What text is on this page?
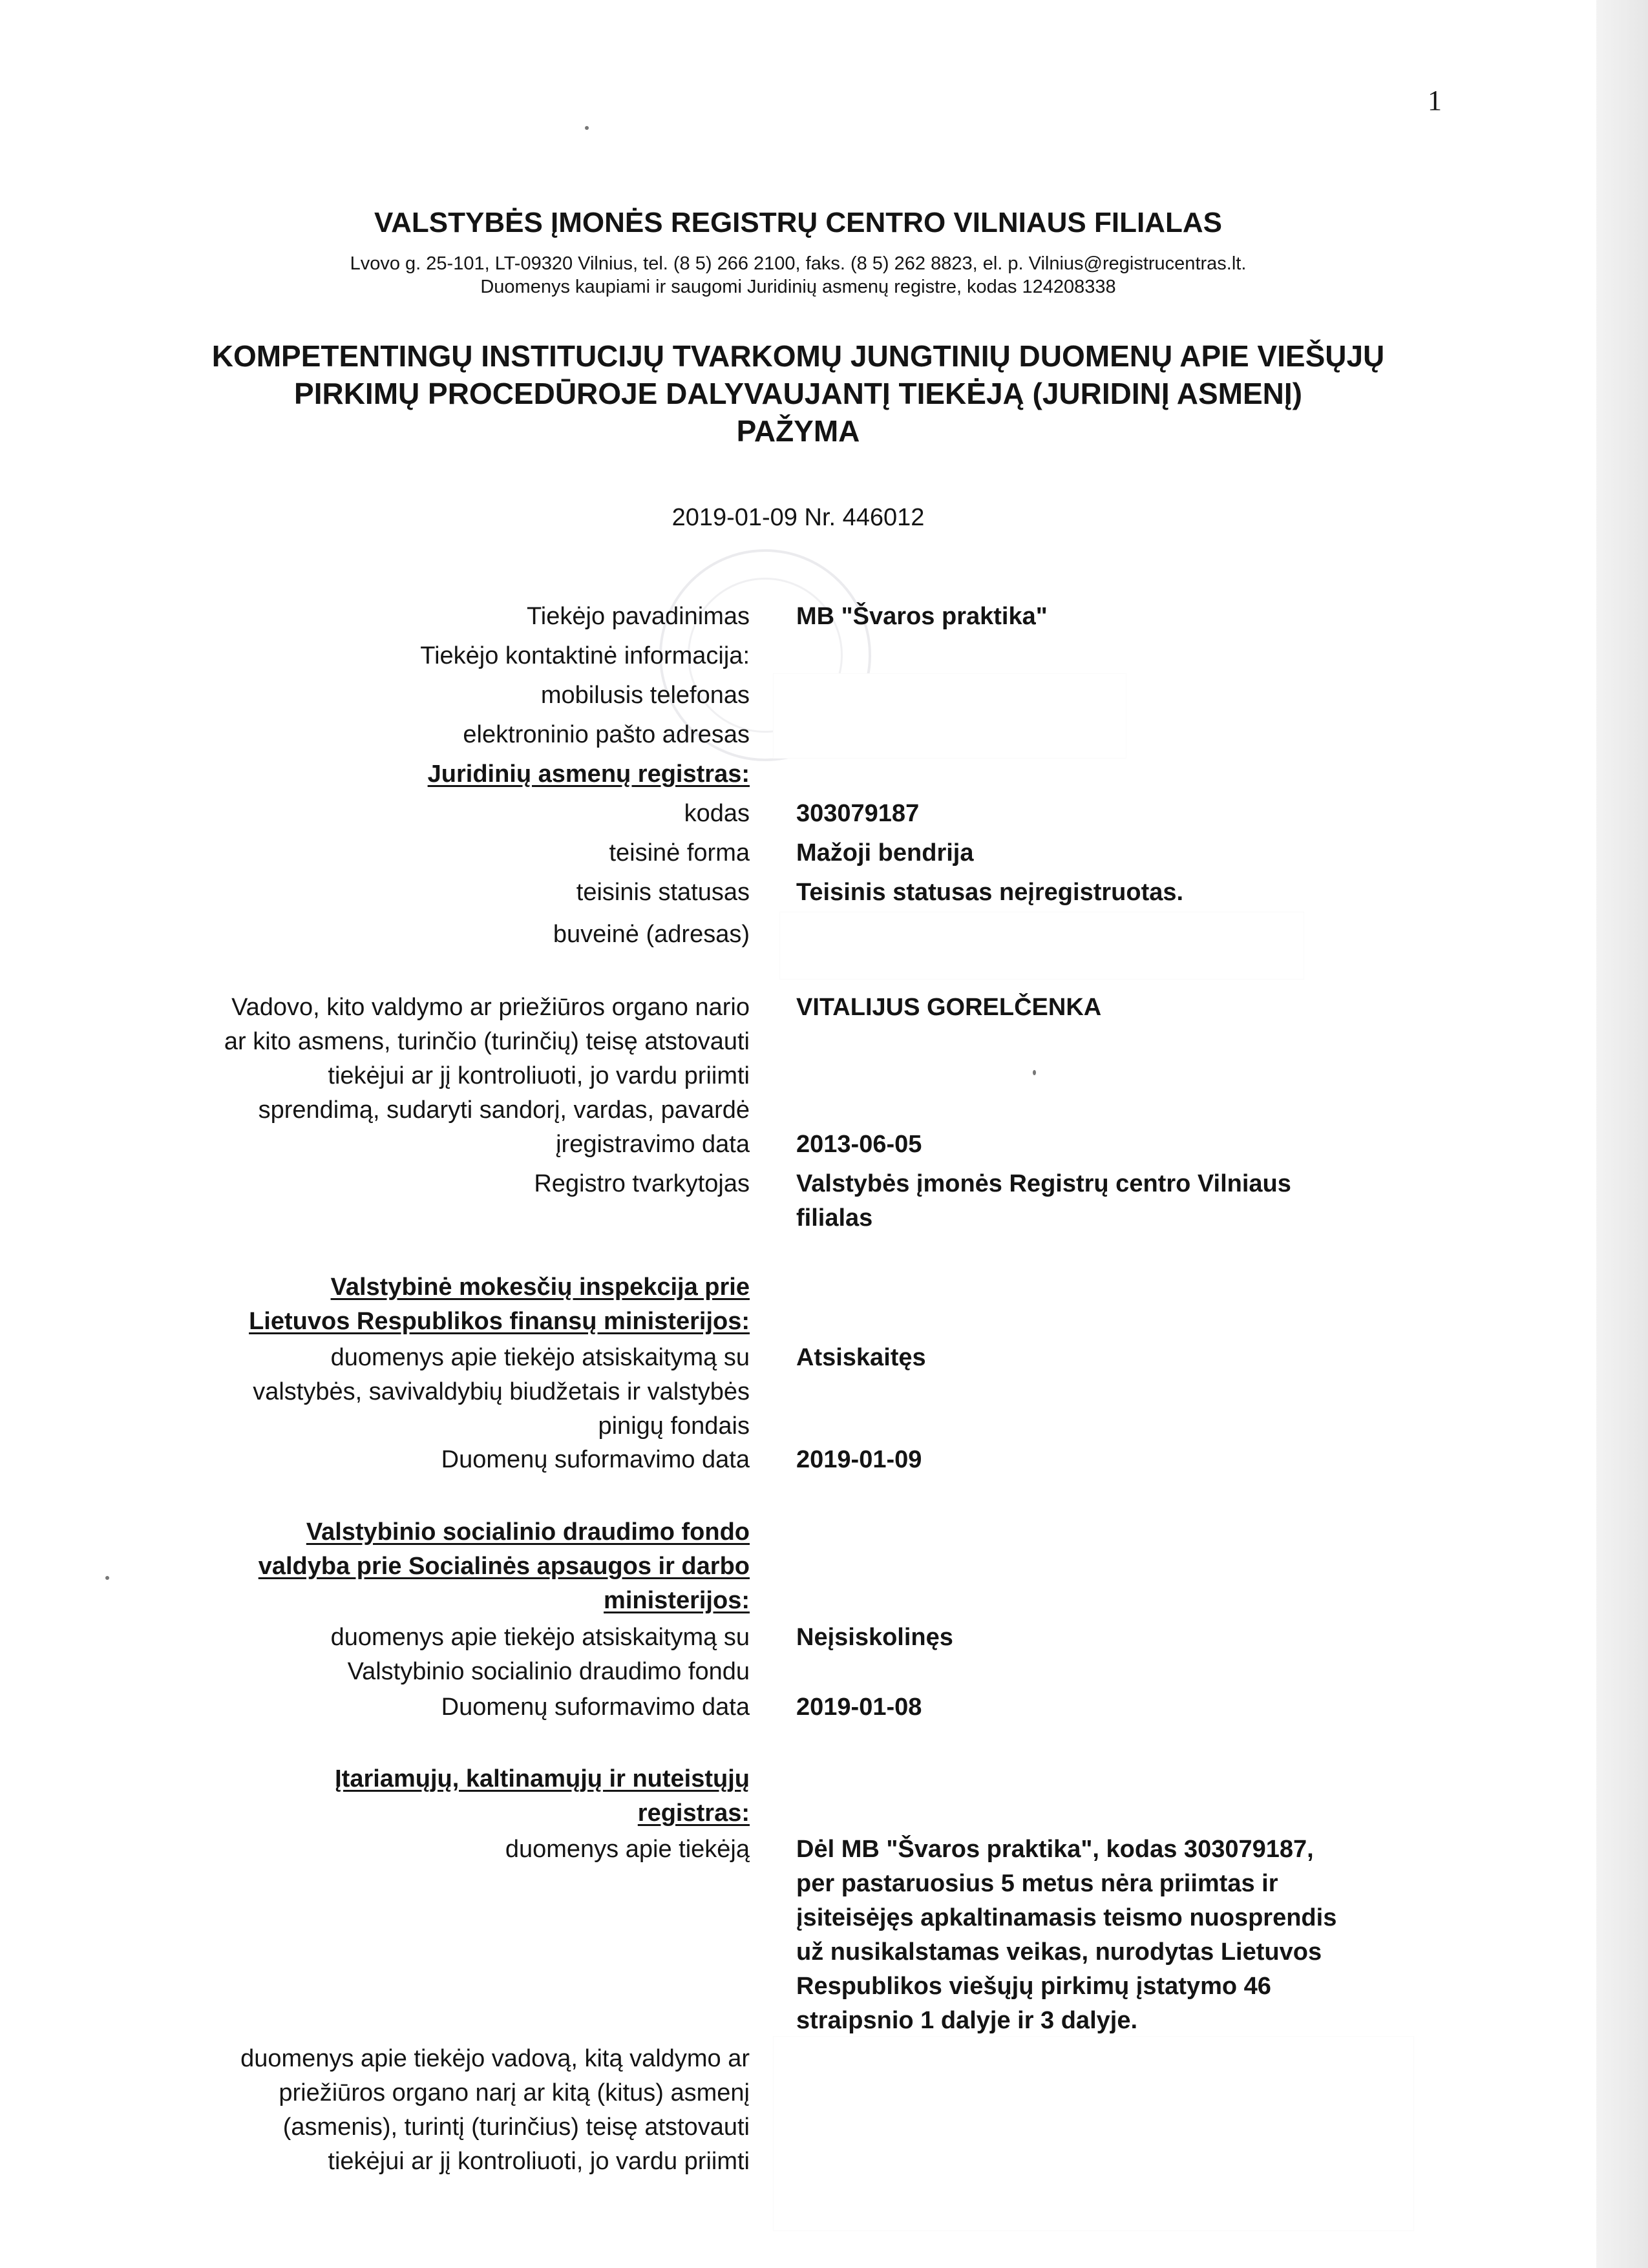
1
VALSTYBĖS ĮMONĖS REGISTRŲ CENTRO VILNIAUS FILIALAS
Lvovo g. 25-101, LT-09320 Vilnius, tel. (8 5) 266 2100, faks. (8 5) 262 8823, el. p. Vilnius@registrucentras.lt.
Duomenys kaupiami ir saugomi Juridinių asmenų registre, kodas 124208338
KOMPETENTINGŲ INSTITUCIJŲ TVARKOMŲ JUNGTINIŲ DUOMENŲ APIE VIEŠŲJŲ
PIRKIMŲ PROCEDŪROJE DALYVAUJANTĮ TIEKĖJĄ (JURIDINĮ ASMENĮ)
PAŽYMA
2019-01-09 Nr. 446012
Tiekėjo pavadinimas MB "Švaros praktika"
Tiekėjo kontaktinė informacija:
mobilusis telefonas
elektroninio pašto adresas
Juridinių asmenų registras:
kodas 303079187
teisinė forma Mažoji bendrija
teisinis statusas Teisinis statusas neįregistruotas.
buveinė (adresas)
Vadovo, kito valdymo ar priežiūros organo nario
ar kito asmens, turinčio (turinčių) teisę atstovauti
tiekėjui ar jį kontroliuoti, jo vardu priimti
sprendimą, sudaryti sandorį, vardas, pavardė
VITALIJUS GORELČENKA
įregistravimo data 2013-06-05
Registro tvarkytojas Valstybės įmonės Registrų centro Vilniaus
filialas
Valstybinė mokesčių inspekcija prie
Lietuvos Respublikos finansų ministerijos:
duomenys apie tiekėjo atsiskaitymą su
valstybės, savivaldybių biudžetais ir valstybės
pinigų fondais
Atsiskaitęs
Duomenų suformavimo data 2019-01-09
Valstybinio socialinio draudimo fondo
valdyba prie Socialinės apsaugos ir darbo
ministerijos:
duomenys apie tiekėjo atsiskaitymą su
Valstybinio socialinio draudimo fondu
Neįsiskolinęs
Duomenų suformavimo data 2019-01-08
Įtariamųjų, kaltinamųjų ir nuteistųjų
registras:
duomenys apie tiekėją Dėl MB "Švaros praktika", kodas 303079187,
per pastaruosius 5 metus nėra priimtas ir
įsiteisėjęs apkaltinamasis teismo nuosprendis
už nusikalstamas veikas, nurodytas Lietuvos
Respublikos viešųjų pirkimų įstatymo 46
straipsnio 1 dalyje ir 3 dalyje.
duomenys apie tiekėjo vadovą, kitą valdymo ar
priežiūros organo narį ar kitą (kitus) asmenį
(asmenis), turintį (turinčius) teisę atstovauti
tiekėjui ar jį kontroliuoti, jo vardu priimti
